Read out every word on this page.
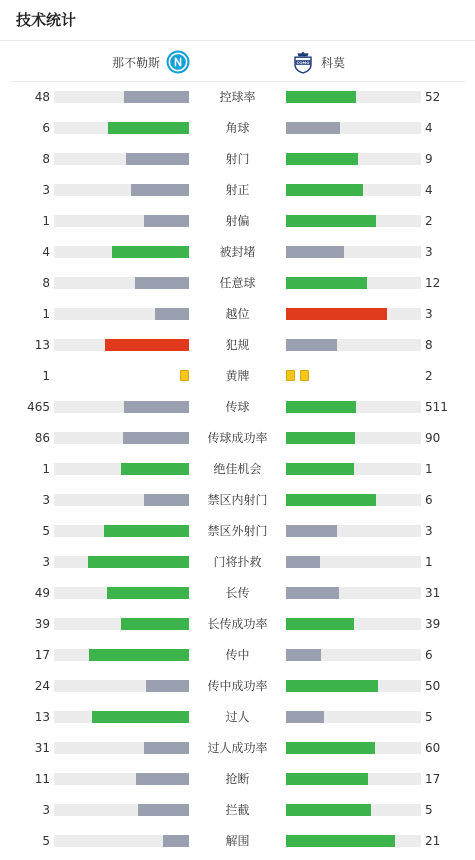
技术统计
那不勒斯	COMO 科莫
48	控球率	52
6	角球	4
8	射门	9
3	射正	4
1	射偏	2
4	被封堵	3
8	任意球	12
1	越位	3
13	犯规	8
1	黄牌	2
465	传球	511
86	传球成功率	90
1	绝佳机会	1
3	禁区内射门	6
5	禁区外射门	3
3	门将扑救	1
49	长传	31
39	长传成功率	39
17	传中	6
24	传中成功率	50
13	过人	5
31	过人成功率	60
11	抢断	17
3	拦截	5
5	解围	21
